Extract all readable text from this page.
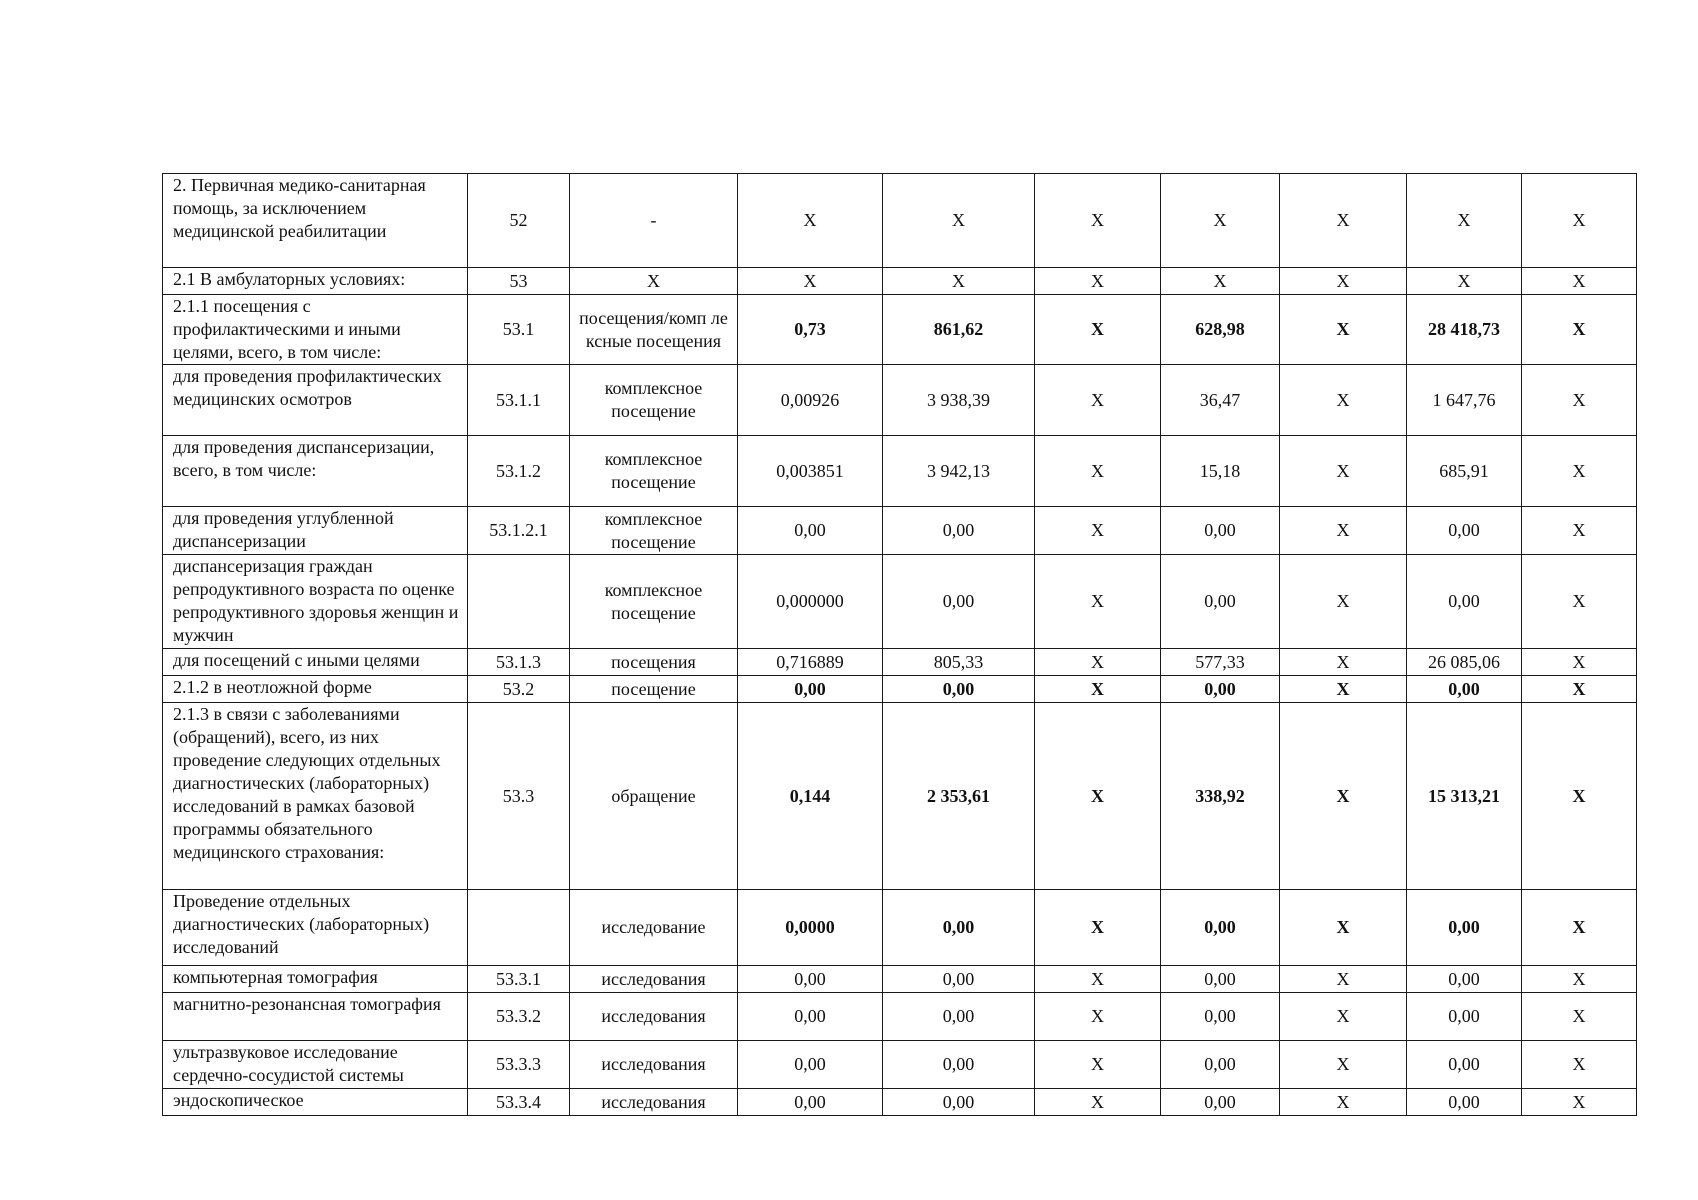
2. Первичная медико-санитарная помощь, за исключением медицинской реабилитации	52	-	X	X	X	X	X	X	X
2.1 В амбулаторных условиях:	53	X	X	X	X	X	X	X	X
2.1.1 посещения с профилактическими и иными целями, всего, в том числе:	53.1	посещения/комп ле ксные посещения	0,73	861,62	X	628,98	X	28 418,73	X
для проведения профилактических медицинских осмотров	53.1.1	комплексное посещение	0,00926	3 938,39	X	36,47	X	1 647,76	X
для проведения диспансеризации, всего, в том числе:	53.1.2	комплексное посещение	0,003851	3 942,13	X	15,18	X	685,91	X
для проведения углубленной диспансеризации	53.1.2.1	комплексное посещение	0,00	0,00	X	0,00	X	0,00	X
диспансеризация граждан репродуктивного возраста по оценке репродуктивного здоровья женщин и мужчин		комплексное посещение	0,000000	0,00	X	0,00	X	0,00	X
для посещений с иными целями	53.1.3	посещения	0,716889	805,33	X	577,33	X	26 085,06	X
2.1.2 в неотложной форме	53.2	посещение	0,00	0,00	X	0,00	X	0,00	X
2.1.3 в связи с заболеваниями (обращений), всего, из них проведение следующих отдельных диагностических (лабораторных) исследований в рамках базовой программы обязательного медицинского страхования:	53.3	обращение	0,144	2 353,61	X	338,92	X	15 313,21	X
Проведение отдельных диагностических (лабораторных) исследований		исследование	0,0000	0,00	X	0,00	X	0,00	X
компьютерная томография	53.3.1	исследования	0,00	0,00	X	0,00	X	0,00	X
магнитно-резонансная томография	53.3.2	исследования	0,00	0,00	X	0,00	X	0,00	X
ультразвуковое исследование сердечно-сосудистой системы	53.3.3	исследования	0,00	0,00	X	0,00	X	0,00	X
эндоскопическое	53.3.4	исследования	0,00	0,00	X	0,00	X	0,00	X
